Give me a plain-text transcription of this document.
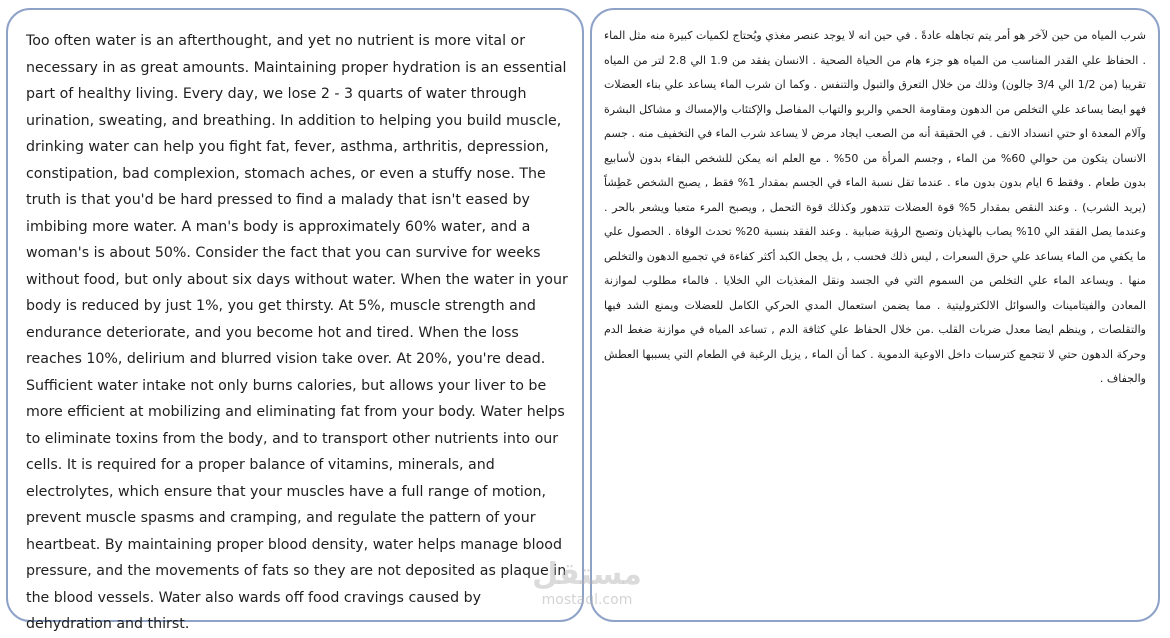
Too often water is an afterthought, and yet no nutrient is more vital or necessary in as great amounts. Maintaining proper hydration is an essential part of healthy living. Every day, we lose 2 - 3 quarts of water through urination, sweating, and breathing. In addition to helping you build muscle, drinking water can help you fight fat, fever, asthma, arthritis, depression, constipation, bad complexion, stomach aches, or even a stuffy nose. The truth is that you'd be hard pressed to find a malady that isn't eased by imbibing more water. A man's body is approximately 60% water, and a woman's is about 50%. Consider the fact that you can survive for weeks without food, but only about six days without water. When the water in your body is reduced by just 1%, you get thirsty. At 5%, muscle strength and endurance deteriorate, and you become hot and tired. When the loss reaches 10%, delirium and blurred vision take over. At 20%, you're dead. Sufficient water intake not only burns calories, but allows your liver to be more efficient at mobilizing and eliminating fat from your body. Water helps to eliminate toxins from the body, and to transport other nutrients into our cells. It is required for a proper balance of vitamins, minerals, and electrolytes, which ensure that your muscles have a full range of motion, prevent muscle spasms and cramping, and regulate the pattern of your heartbeat. By maintaining proper blood density, water helps manage blood pressure, and the movements of fats so they are not deposited as plaque in the blood vessels. Water also wards off food cravings caused by dehydration and thirst.

شرب المياه من حين لآخر هو أمر يتم تجاهله عادةً . في حين انه لا يوجد عنصر مغذي ويُحتاج لكميات كبيرة منه مثل الماء . الحفاظ علي القدر المناسب من المياه هو جزء هام من الحياة الصحية . الانسان يفقد من 1.9 الي 2.8 لتر من المياه تقريبا (من 1/2 الي 3/4 جالون) وذلك من خلال التعرق والتبول والتنفس . وكما ان شرب الماء يساعد علي بناء العضلات فهو ايضا يساعد علي التخلص من الدهون ومقاومة الحمي والربو والتهاب المفاصل والإكتئاب والإمساك و مشاكل البشرة وآلام المعدة او حتي انسداد الانف . في الحقيقة أنه من الصعب ايجاد مرض لا يساعد شرب الماء في التخفيف منه . جسم الانسان يتكون من حوالي 60% من الماء , وجسم المرأة من 50% . مع العلم انه يمكن للشخص البقاء بدون لأسابيع بدون طعام . وفقط 6 ايام بدون بدون ماء . عندما تقل نسبة الماء في الجسم بمقدار 1% فقط , يصبح الشخص عَطِشاً (يريد الشرب) . وعند النقص بمقدار 5% قوة العضلات تتدهور وكذلك قوة التحمل , ويصبح المرء متعبا ويشعر بالحر . وعندما يصل الفقد الي 10% يصاب بالهذيان وتصبح الرؤية ضبابية . وعند الفقد بنسبة 20% تحدث الوفاة . الحصول علي ما يكفي من الماء يساعد علي حرق السعرات , ليس ذلك فحسب , بل يجعل الكبد أكثر كفاءة في تجميع الدهون والتخلص منها . ويساعد الماء علي التخلص من السموم التي في الجسد ونقل المغذيات الي الخلايا . فالماء مطلوب لموازنة المعادن والفيتامينات والسوائل الالكتروليتية . مما يضمن استعمال المدي الحركي الكامل للعضلات ويمنع الشد فيها والتقلصات , وينظم ايضا معدل ضربات القلب .من خلال الحفاظ علي كثافة الدم , تساعد المياه في موازنة ضغط الدم وحركة الدهون حتي لا تتجمع كترسبات داخل الاوعية الدموية . كما أن الماء , يزيل الرغبة في الطعام التي يسببها العطش والجفاف .

مستقل
mostaql.com
